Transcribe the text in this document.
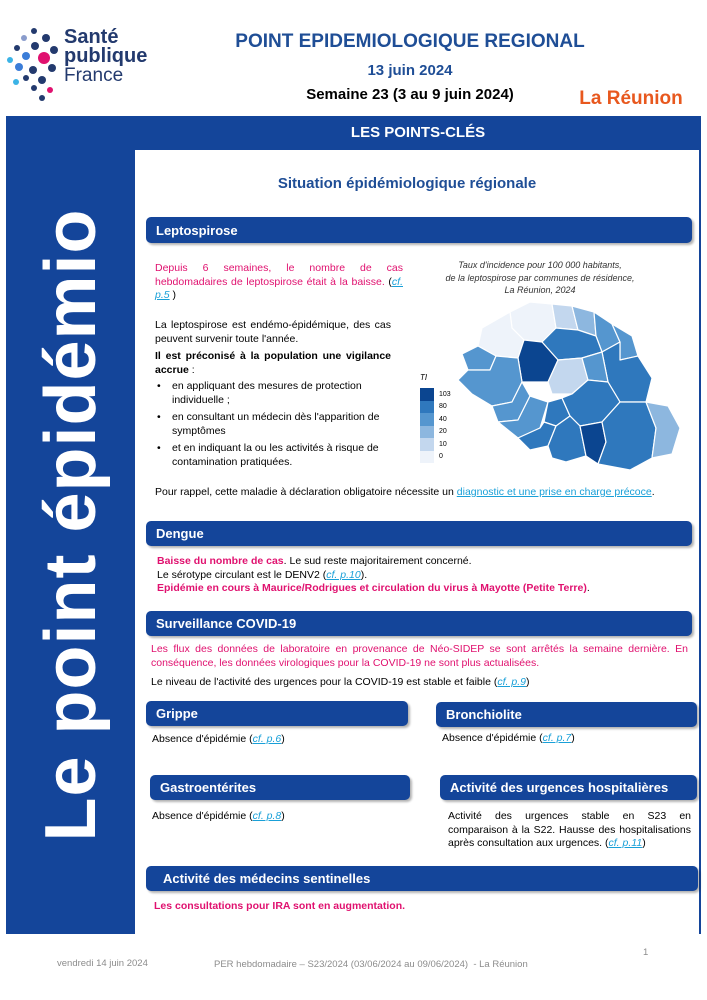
Santé
publique
France
POINT EPIDEMIOLOGIQUE REGIONAL
13 juin 2024
Semaine 23 (3 au 9 juin 2024)	La Réunion
Le point épidémio
LES POINTS-CLÉS
Situation épidémiologique régionale
Leptospirose
Depuis 6 semaines, le nombre de cas hebdomadaires de leptospirose était à la baisse. (cf. p.5 )
La leptospirose est endémo-épidémique, des cas peuvent survenir toute l'année.
Il est préconisé à la population une vigilance accrue :
• en appliquant des mesures de protection individuelle ;
• en consultant un médecin dès l'apparition de symptômes
• et en indiquant la ou les activités à risque de contamination pratiquées.
Pour rappel, cette maladie à déclaration obligatoire nécessite un diagnostic et une prise en charge précoce.
Taux d'incidence pour 100 000 habitants,
de la leptospirose par communes de résidence,
La Réunion, 2024
TI
103
80
40
20
10
0
Dengue
Baisse du nombre de cas. Le sud reste majoritairement concerné.
Le sérotype circulant est le DENV2 (cf. p.10).
Epidémie en cours à Maurice/Rodrigues et circulation du virus à Mayotte (Petite Terre).
Surveillance COVID-19
Les flux des données de laboratoire en provenance de Néo-SIDEP se sont arrêtés la semaine dernière. En conséquence, les données virologiques pour la COVID-19 ne sont plus actualisées.
Le niveau de l'activité des urgences pour la COVID-19 est stable et faible (cf. p.9)
Grippe
Absence d'épidémie (cf. p.6)
Bronchiolite
Absence d'épidémie (cf. p.7)
Gastroentérites
Absence d'épidémie (cf. p.8)
Activité des urgences hospitalières
Activité des urgences stable en S23 en comparaison à la S22. Hausse des hospitalisations après consultation aux urgences. (cf. p.11)
Activité des médecins sentinelles
Les consultations pour IRA sont en augmentation.
1
vendredi 14 juin 2024	PER hebdomadaire – S23/2024 (03/06/2024 au 09/06/2024)  - La Réunion
